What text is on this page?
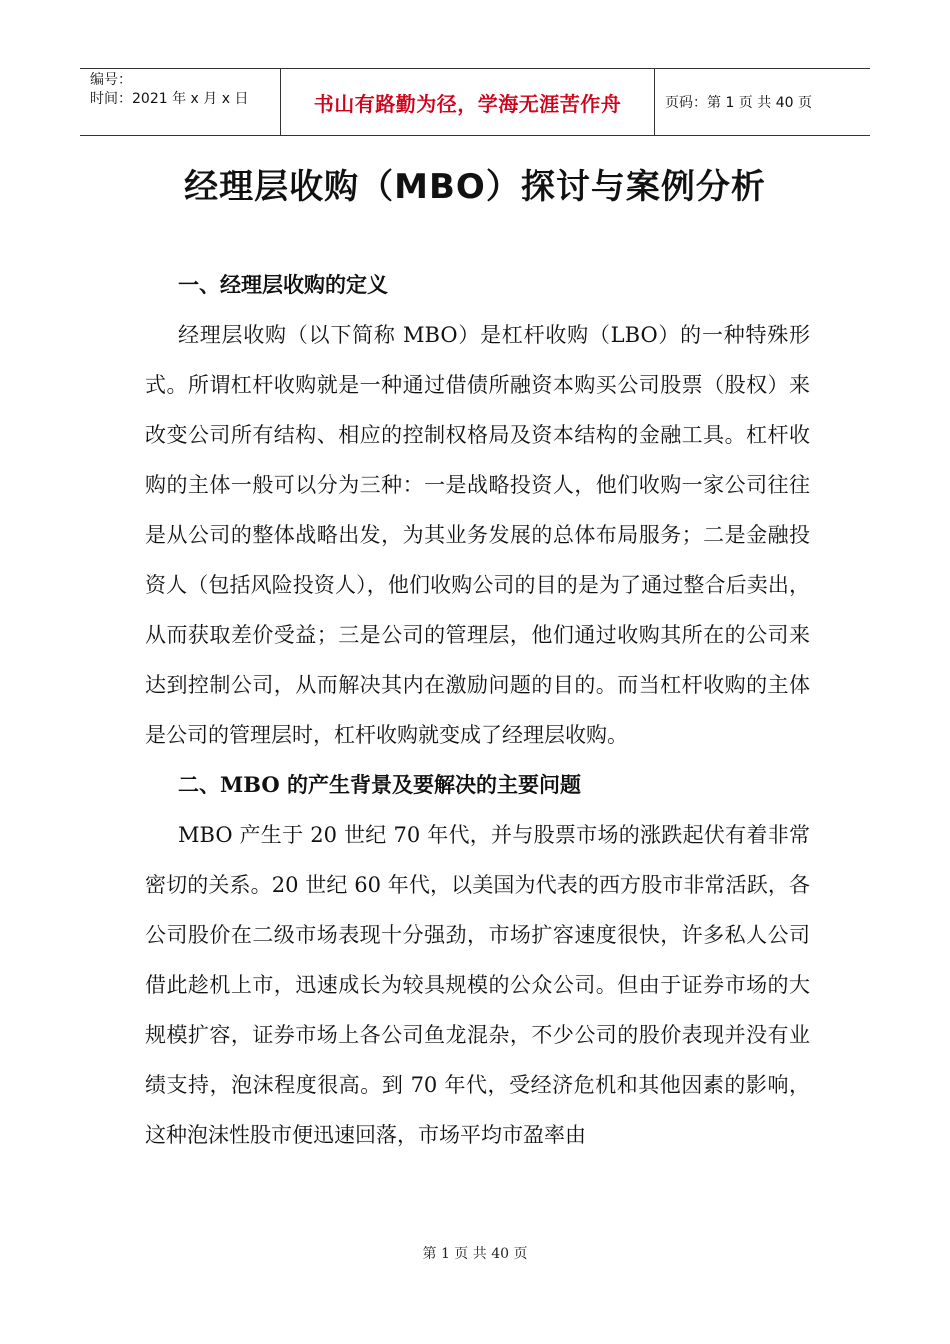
编号：
时间：2021 年 x 月 x 日	书山有路勤为径，学海无涯苦作舟	页码：第 1 页 共 40 页
经理层收购（MBO）探讨与案例分析

一、经理层收购的定义

经理层收购（以下简称 MBO）是杠杆收购（LBO）的一种特殊形式。所谓杠杆收购就是一种通过借债所融资本购买公司股票（股权）来改变公司所有结构、相应的控制权格局及资本结构的金融工具。杠杆收购的主体一般可以分为三种：一是战略投资人，他们收购一家公司往往是从公司的整体战略出发，为其业务发展的总体布局服务；二是金融投资人（包括风险投资人），他们收购公司的目的是为了通过整合后卖出，从而获取差价受益；三是公司的管理层，他们通过收购其所在的公司来达到控制公司，从而解决其内在激励问题的目的。而当杠杆收购的主体是公司的管理层时，杠杆收购就变成了经理层收购。

二、MBO 的产生背景及要解决的主要问题

MBO 产生于 20 世纪 70 年代，并与股票市场的涨跌起伏有着非常密切的关系。20 世纪 60 年代，以美国为代表的西方股市非常活跃，各公司股价在二级市场表现十分强劲，市场扩容速度很快，许多私人公司借此趁机上市，迅速成长为较具规模的公众公司。但由于证券市场的大规模扩容，证券市场上各公司鱼龙混杂，不少公司的股价表现并没有业绩支持，泡沫程度很高。到 70 年代，受经济危机和其他因素的影响，这种泡沫性股市便迅速回落，市场平均市盈率由

第 1 页 共 40 页
